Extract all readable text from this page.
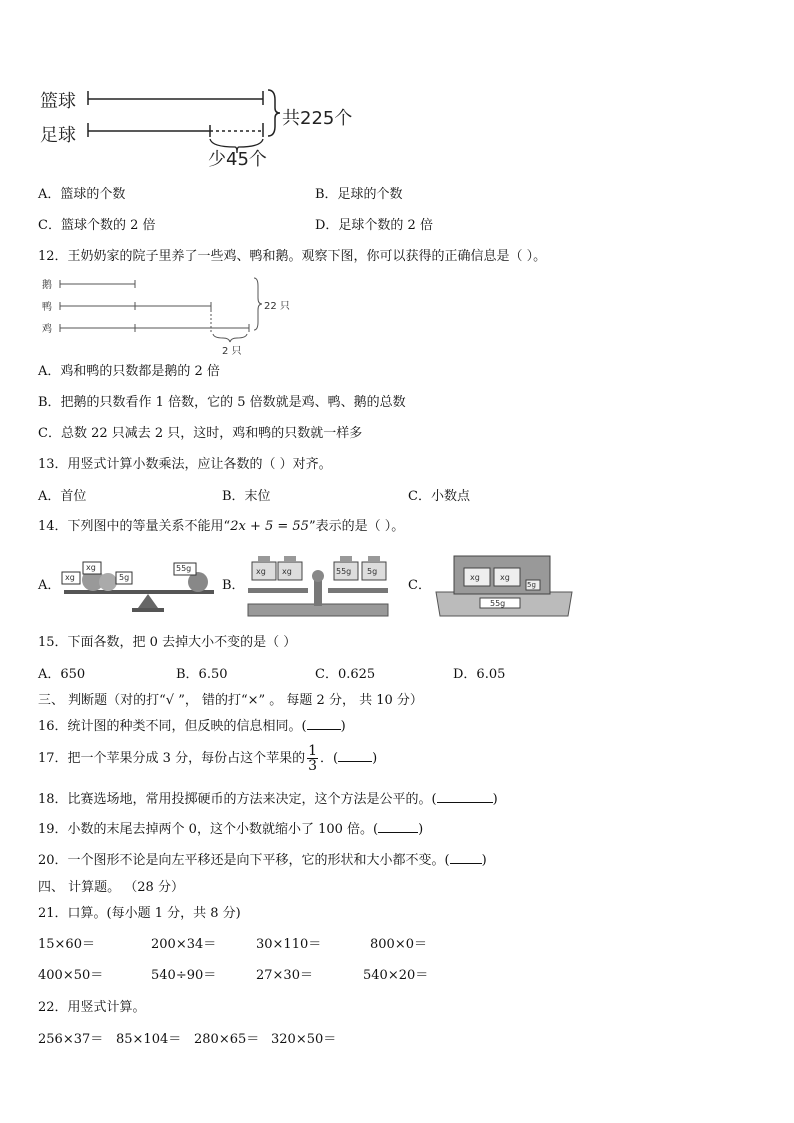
篮球
足球
共225个
少45个
A．篮球的个数	B．足球的个数
C．篮球个数的 2 倍	D．足球个数的 2 倍
12．王奶奶家的院子里养了一些鸡、鸭和鹅。观察下图，你可以获得的正确信息是（ ）。
鹅
鸭
鸡
22 只
2 只
A．鸡和鸭的只数都是鹅的 2 倍
B．把鹅的只数看作 1 倍数，它的 5 倍数就是鸡、鸭、鹅的总数
C．总数 22 只减去 2 只，这时，鸡和鸭的只数就一样多
13．用竖式计算小数乘法，应让各数的（ ）对齐。
A．首位	B．末位	C．小数点
14．下列图中的等量关系不能用“2x + 5 = 55”表示的是（ ）。
A．
xg
xg
5g
55g
B．
xg xg	55g 5g
C．
xg	xg
5g
55g
15．下面各数，把 0 去掉大小不变的是（ ）
A．650	B．6.50	C．0.625	D．6.05
三、 判断题（对的打“√ ”， 错的打“×” 。 每题 2 分， 共 10 分）
16．统计图的种类不同，但反映的信息相同。(	)
17．把一个苹果分成 3 分，每份占这个苹果的 $\frac{1}{3}$ ．(	)
18．比赛选场地，常用投掷硬币的方法来决定，这个方法是公平的。(	)
19．小数的末尾去掉两个 0，这个小数就缩小了 100 倍。(	)
20．一个图形不论是向左平移还是向下平移，它的形状和大小都不变。( )
四、 计算题。 （28 分）
21．口算。(每小题 1 分，共 8 分)
15×60＝	200×34＝	30×110＝	800×0＝
400×50＝	540÷90＝	27×30＝	540×20＝
22．用竖式计算。
256×37＝ 85×104＝ 280×65＝ 320×50＝
